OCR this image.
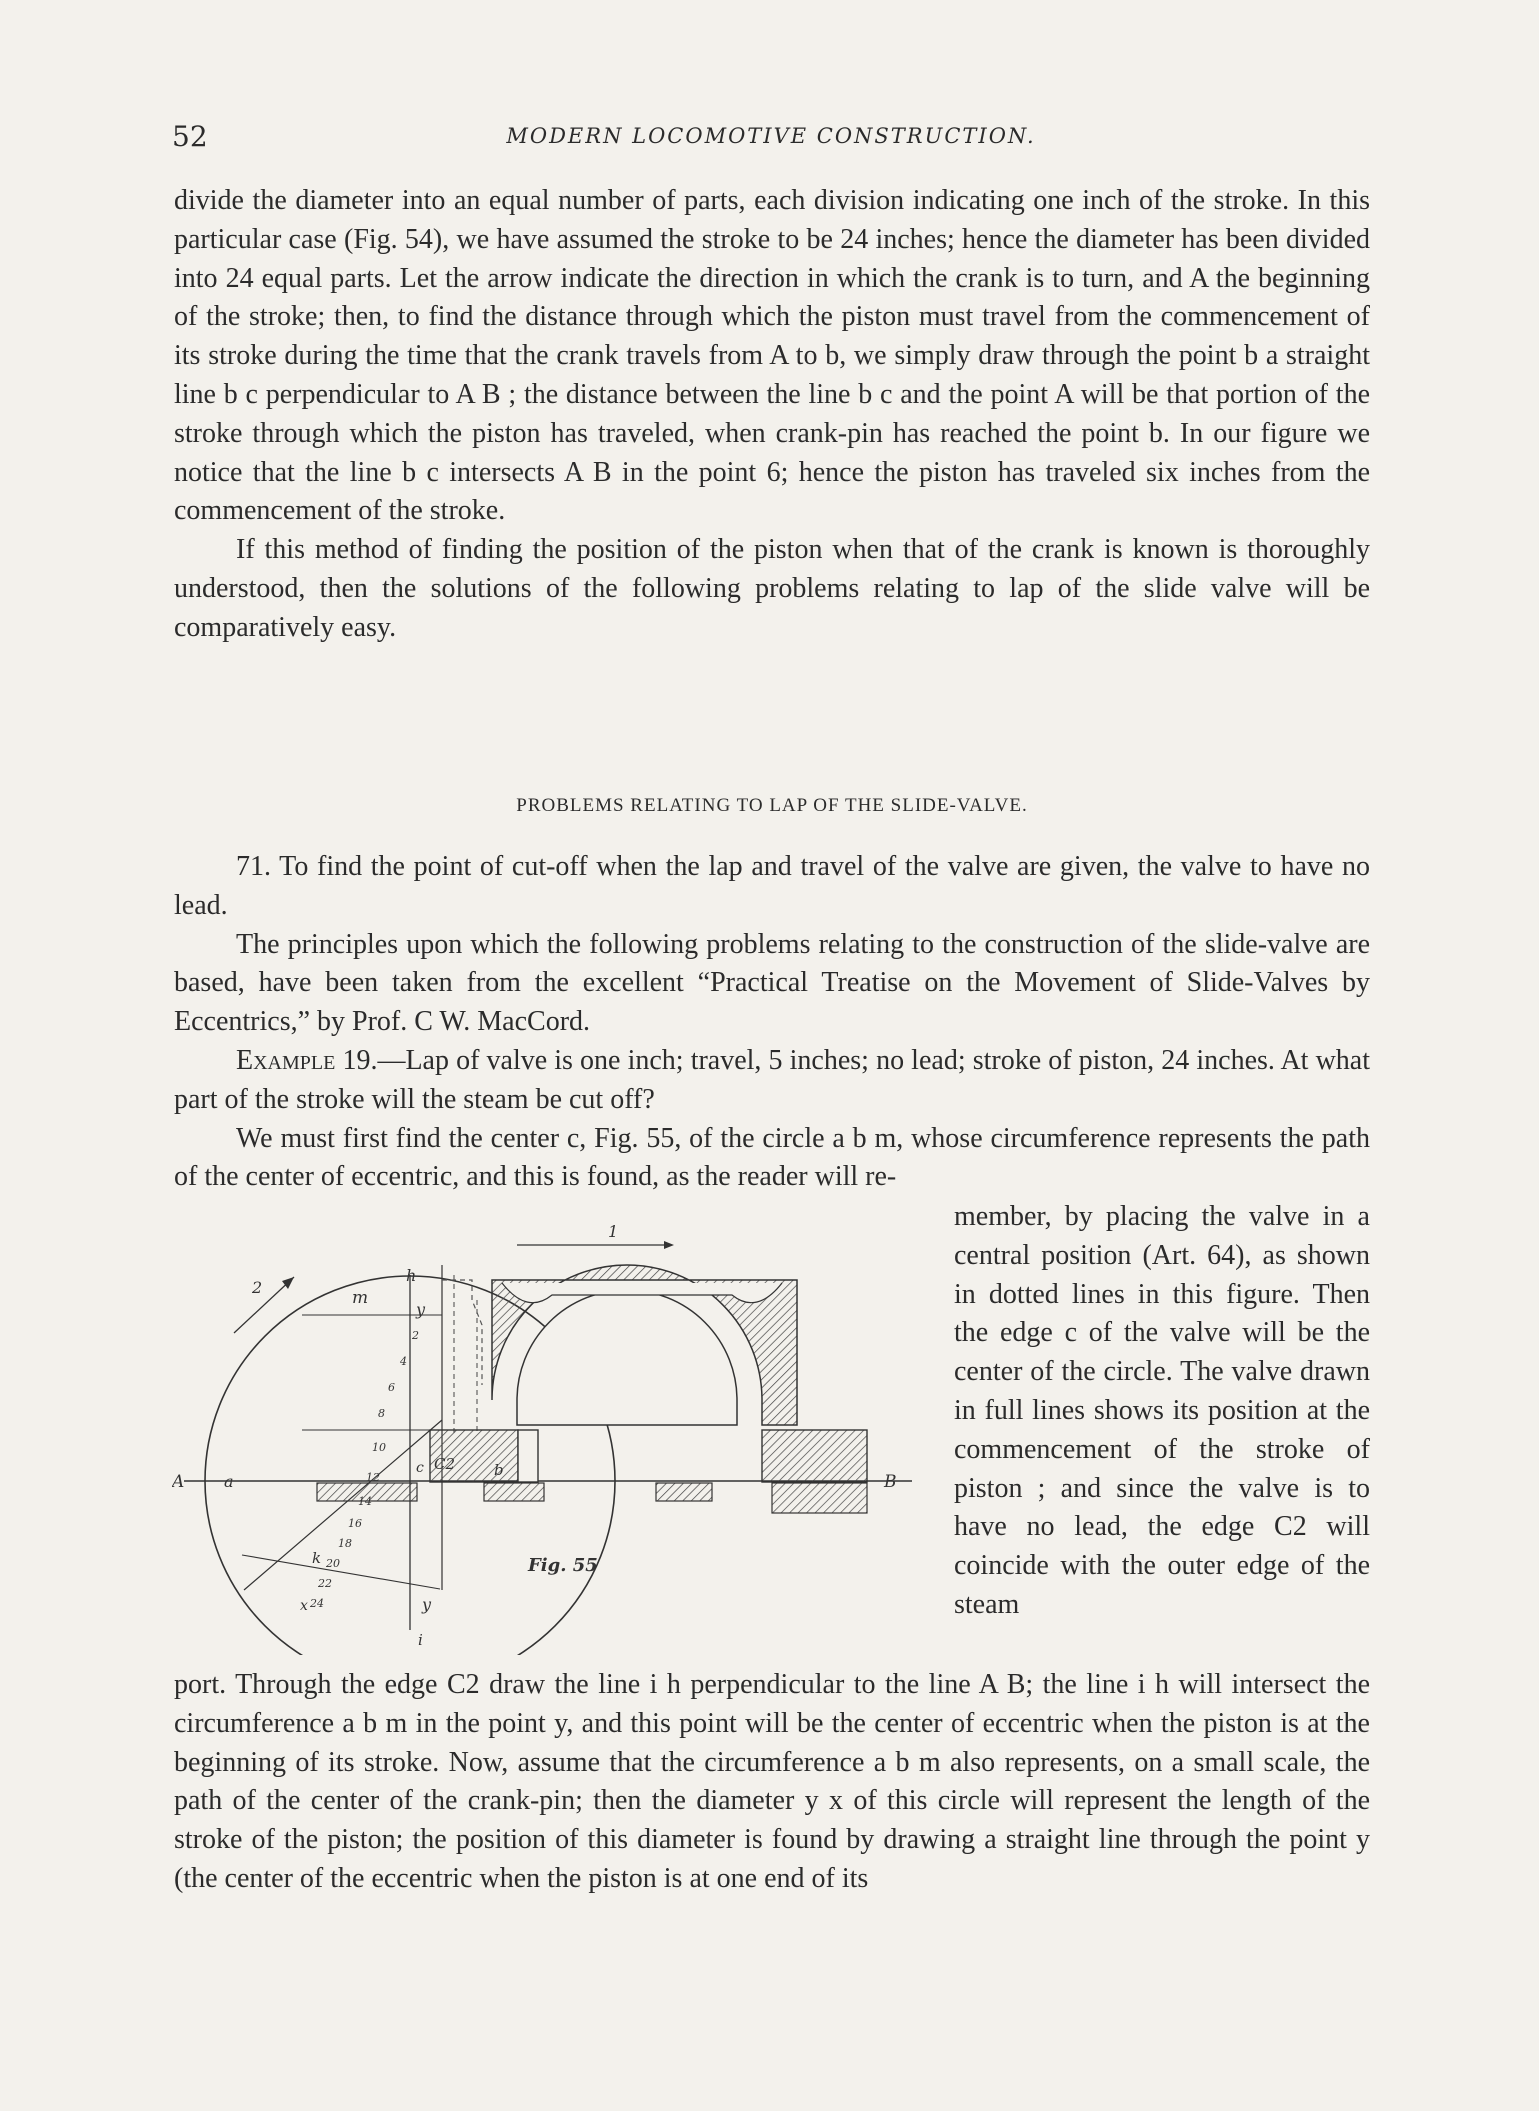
52	MODERN LOCOMOTIVE CONSTRUCTION.

divide the diameter into an equal number of parts, each division indicating one inch of the stroke. In this particular case (Fig. 54), we have assumed the stroke to be 24 inches; hence the diameter has been divided into 24 equal parts. Let the arrow indicate the direction in which the crank is to turn, and A the beginning of the stroke; then, to find the distance through which the piston must travel from the commencement of its stroke during the time that the crank travels from A to b, we simply draw through the point b a straight line b c perpendicular to A B ; the distance between the line b c and the point A will be that portion of the stroke through which the piston has traveled, when crank-pin has reached the point b. In our figure we notice that the line b c intersects A B in the point 6; hence the piston has traveled six inches from the commencement of the stroke.

If this method of finding the position of the piston when that of the crank is known is thoroughly understood, then the solutions of the following problems relating to lap of the slide valve will be comparatively easy.

PROBLEMS RELATING TO LAP OF THE SLIDE-VALVE.

71. To find the point of cut-off when the lap and travel of the valve are given, the valve to have no lead.

The principles upon which the following problems relating to the construction of the slide-valve are based, have been taken from the excellent “Practical Treatise on the Movement of Slide-Valves by Eccentrics,” by Prof. C W. MacCord.

Example 19.—Lap of valve is one inch; travel, 5 inches; no lead; stroke of piston, 24 inches. At what part of the stroke will the steam be cut off?

We must first find the center c, Fig. 55, of the circle a b m, whose circumference represents the path of the center of eccentric, and this is found, as the reader will re-

1
2
A a	B
b
c C2
m
h
y
y
i
k
x
2
4
6
8
10
12
14
16
18
20
22
24
Fig. 55

member, by placing the valve in a central position (Art. 64), as shown in dotted lines in this figure. Then the edge c of the valve will be the center of the circle. The valve drawn in full lines shows its position at the commencement of the stroke of piston ; and since the valve is to have no lead, the edge C2 will coincide with the outer edge of the steam

port. Through the edge C2 draw the line i h perpendicular to the line A B; the line i h will intersect the circumference a b m in the point y, and this point will be the center of eccentric when the piston is at the beginning of its stroke. Now, assume that the circumference a b m also represents, on a small scale, the path of the center of the crank-pin; then the diameter y x of this circle will represent the length of the stroke of the piston; the position of this diameter is found by drawing a straight line through the point y (the center of the eccentric when the piston is at one end of its
